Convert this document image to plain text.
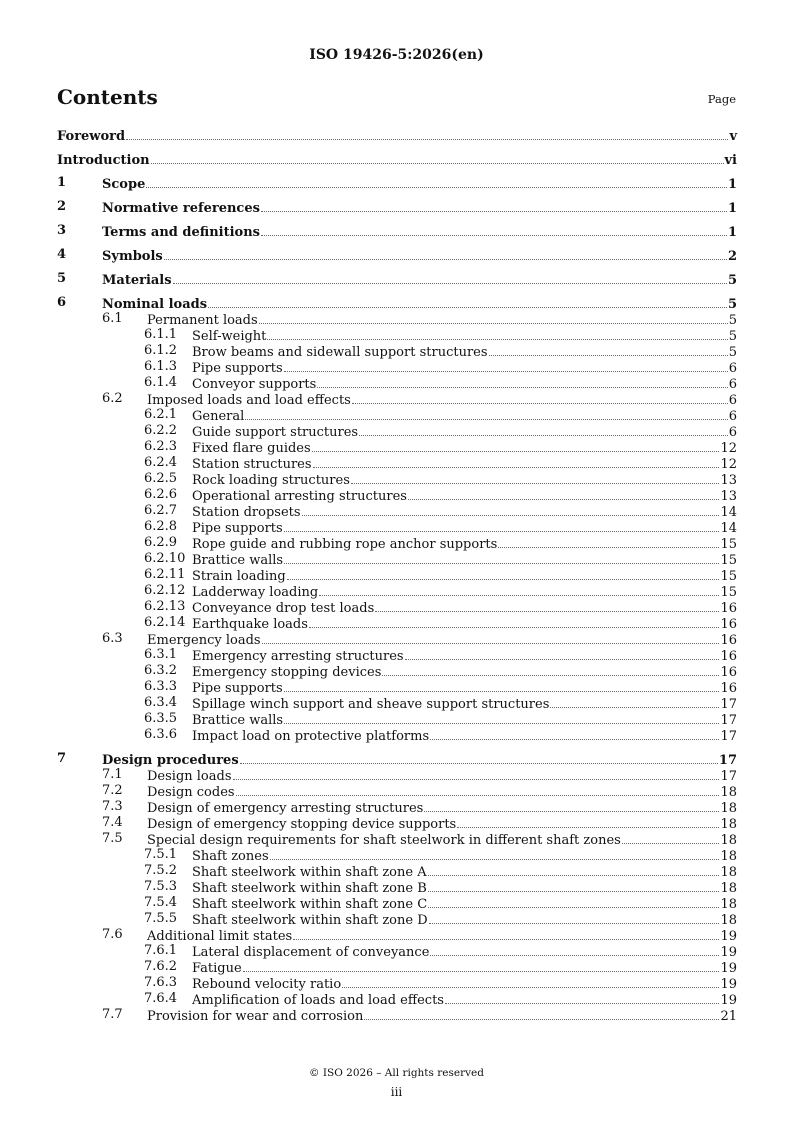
ISO 19426-5:2026(en)
Contents	Page
Foreword	v
Introduction	vi
1	Scope	1
2	Normative references	1
3	Terms and definitions	1
4	Symbols	2
5	Materials	5
6	Nominal loads	5
6.1 Permanent loads	5
6.1.1 Self-weight	5
6.1.2 Brow beams and sidewall support structures	5
6.1.3 Pipe supports	6
6.1.4 Conveyor supports	6
6.2 Imposed loads and load effects	6
6.2.1 General	6
6.2.2 Guide support structures	6
6.2.3 Fixed flare guides	12
6.2.4 Station structures	12
6.2.5 Rock loading structures	13
6.2.6 Operational arresting structures	13
6.2.7 Station dropsets	14
6.2.8 Pipe supports	14
6.2.9 Rope guide and rubbing rope anchor supports	15
6.2.10 Brattice walls	15
6.2.11 Strain loading	15
6.2.12 Ladderway loading	15
6.2.13 Conveyance drop test loads	16
6.2.14 Earthquake loads	16
6.3 Emergency loads	16
6.3.1 Emergency arresting structures	16
6.3.2 Emergency stopping devices	16
6.3.3 Pipe supports	16
6.3.4 Spillage winch support and sheave support structures	17
6.3.5 Brattice walls	17
6.3.6 Impact load on protective platforms	17
7	Design procedures	17
7.1 Design loads	17
7.2 Design codes	18
7.3 Design of emergency arresting structures	18
7.4 Design of emergency stopping device supports	18
7.5 Special design requirements for shaft steelwork in different shaft zones	18
7.5.1 Shaft zones	18
7.5.2 Shaft steelwork within shaft zone A	18
7.5.3 Shaft steelwork within shaft zone B	18
7.5.4 Shaft steelwork within shaft zone C	18
7.5.5 Shaft steelwork within shaft zone D	18
7.6 Additional limit states	19
7.6.1 Lateral displacement of conveyance	19
7.6.2 Fatigue	19
7.6.3 Rebound velocity ratio	19
7.6.4 Amplification of loads and load effects	19
7.7 Provision for wear and corrosion	21
© ISO 2026 – All rights reserved
iii
